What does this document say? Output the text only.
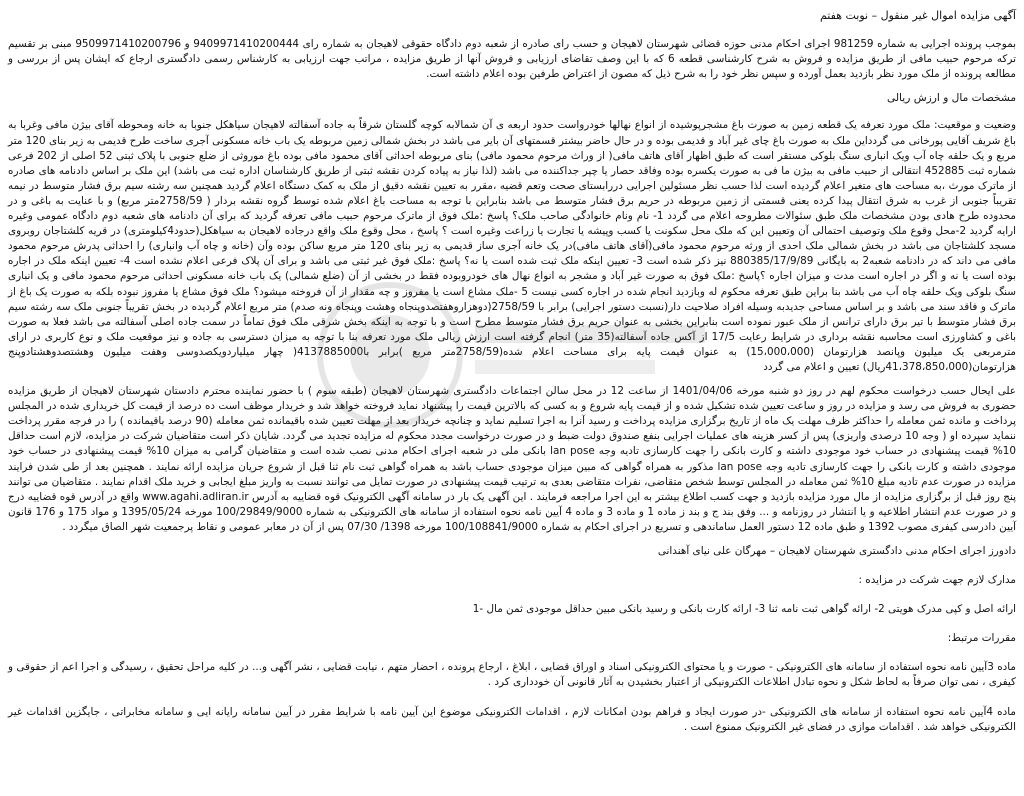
آگهی مزایده اموال غیر منقول – نوبت هفتم

بموجب پرونده اجرایی به شماره 981259 اجرای احکام مدنی حوزه قضائی شهرستان لاهیجان و حسب رای صادره از شعبه دوم دادگاه حقوقی لاهیجان به شماره رای 9409971410200444 و 9509971410200796 مبنی بر تقسیم ترکه مرحوم حبیب مافی از طریق مزایده و فروش به شرح کارشناسی قطعه 6 که با این وصف تقاضای ارزیابی و فروش آنها از طریق مزایده ، مراتب جهت ارزیابی به کارشناس رسمی دادگستری ارجاع که ایشان پس از بررسی و مطالعه پرونده از ملک مورد نظر بازدید بعمل آورده و سپس نظر خود را به شرح ذیل که مصون از اعتراض طرفین بوده اعلام داشته است.

مشخصات مال و ارزش ریالی

وضعیت و موقعیت: ملک مورد تعرفه یک قطعه زمین به صورت باغ مشجرپوشیده از انواع نهالها خودرواست حدود اربعه ی آن شمالابه کوچه گلستان شرقاً به جاده آسفالته لاهیجان سیاهکل جنوبا به خانه ومحوطه آقای بیژن مافی وغربا به باغ شریف آقایی پورخانی می گردداین ملک به صورت باغ چای غیر آباد و قدیمی بوده و در حال حاضر بیشتر قسمتهای آن بایر می باشد در بخش شمالی زمین مربوطه یک باب خانه مسکونی آجری ساخت طرح قدیمی به زیر بنای 120 متر مربع و یک حلقه چاه آب ویک انباری سنگ بلوکی مستقر است که طبق اظهار آقای هاتف مافی( از وراث مرحوم محمود مافی) بنای مربوطه احداثی آقای محمود مافی بوده باغ موروثی از ضلع جنوبی با پلاک ثبتی 52 اصلی از 202 فرعی شماره ثبت 452885 انتقالی از حبیب مافی به بیژن ما فی به صورت یکسره بوده وفاقد حصار یا چپر جداکننده می باشد (لذا نیاز به پیاده کردن نقشه ثبتی از طریق کارشناسان اداره ثبت می باشد) این ملک بر اساس دادنامه های صادره از ماترک مورث ،به مساحت های متغیر اعلام گردیده است لذا حسب نظر مسئولین اجرایی دررابستای صحت وتعم قضیه ،مقرر به تعیین نقشه دقیق از ملک به کمک دستگاه اعلام گردید همچنین سه رشته سیم برق فشار متوسط در نیمه تقریباً جنوبی از غرب به شرق انتقال پیدا کرده یعنی قسمتی از زمین مربوطه در حریم برق فشار متوسط می باشد بنابراین با توجه به مساحت باغ اعلام شده توسط گروه نقشه بردار ( 2758/59متر مربع) و با عنایت به باغی و در محدوده طرح هادی بودن مشخصات ملک طبق سئوالات مطروحه اعلام می گردد 1- نام ونام خانوادگی صاحب ملک؟ پاسخ :ملک فوق از ماترک مرحوم حبیب مافی تعرفه گردید که برای آن دادنامه های شعبه دوم دادگاه عمومی وغیره ارایه گردید 2-محل وقوع ملک وتوصیف احتمالی آن وتعیین این که ملک محل سکونت یا کسب وپیشه یا تجارت یا زراعت وغیره است ؟ پاسخ ، محل وقوع ملک واقع درجاده لاهیجان به سیاهکل(حدود4کیلومتری) در قریه کلشتاجان روبروی مسجد کلشتاجان می باشد در بخش شمالی ملک احدی از ورثه مرحوم محمود مافی(آقای هاتف مافی)در یک خانه آجری ساز قدیمی به زیر بنای 120 متر مربع ساکن بوده وآن (خانه و چاه آب وانباری) را احداثی پدرش مرحوم محمود مافی می داند که در دادنامه شعبه2 به بایگانی 880385/17/9/89 نیز ذکر شده است 3- تعیین اینکه ملک ثبت شده است یا نه؟ پاسخ :ملک فوق غیر ثبتی می باشد و برای آن پلاک فرعی اعلام نشده است 4- تعیین اینکه ملک در اجاره بوده است یا نه و اگر در اجاره است مدت و میزان اجاره ؟پاسخ :ملک فوق به صورت غیر آباد و مشجر به انواع نهال های خودروبوده فقط در بخشی از آن (ضلع شمالی) یک باب خانه مسکونی احداثی مرحوم محمود مافی و یک انباری سنگ بلوکی ویک حلقه چاه آب می باشد بنا براین طبق تعرفه محکوم له وبازدید انجام شده در اجاره کسی نیست 5 -ملک مشاع است یا مفروز و چه مقدار از آن فروخته میشود؟ ملک فوق مشاع یا مفروز نبوده بلکه به صورت یک باغ از ماترک و فاقد سند می باشد و بر اساس مساحی جدیدبه وسیله افراد صلاحیت دار(نسبت دستور اجرایی) برابر با 2758/59(دوهزاروهفتصدوپنجاه وهشت وپنجاه ونه صدم) متر مربع اعلام گردیده در بخش تقریباً جنوبی ملک سه رشته سیم برق فشار متوسط با تیر برق دارای ترانس از ملک عبور نموده است بنابراین بخشی به عنوان حریم برق فشار متوسط مطرح است و با توجه به اینکه بخش شرقی ملک فوق تماماً در سمت جاده اصلی آسفالته می باشد فعلا به صورت باغی و کشاورزی است محاسبه نقشه برداری در شرایط رعایت 17/5 از آکس جاده آسفالته(35 متر) انجام گرفته است ارزش ریالی ملک مورد تعرفه بنا با توجه به میزان دسترسی به جاده و نیز موقعیت ملک و نوع کاربری در ارای مترمربعی یک میلیون وپانصد هزارتومان (15،000،000) به عنوان قیمت پایه برای مساحت اعلام شده(2758/59متر مربع )برابر با4137885000( چهار میلیاردویکصدوسی وهفت میلیون وهشتصدوهشتادوپنج هزارتومان(41،378،850،000ریال) تعیین و اعلام می گردد

علی ایحال حسب درخواست محکوم لهم در روز دو شنبه مورخه 1401/04/06 از ساعت 12 در محل سالن اجتماعات دادگستری شهرستان لاهیجان (طبقه سوم ) با حضور نماینده محترم دادستان شهرستان لاهیجان از طریق مزایده حضوری به فروش می رسد و مزایده در روز و ساعت تعیین شده تشکیل شده و از قیمت پایه شروع و به کسی که بالاترین قیمت را پیشنهاد نماید فروخته خواهد شد و خریدار موظف است ده درصد از قیمت کل خریداری شده در المجلس پرداخت و مانده ثمن معامله را حداکثر ظرف مهلت یک ماه از تاریخ برگزاری مزایده پرداخت و رسید آنرا به اجرا تسلیم نماید و چنانچه خریدار بعد از مهلت تعیین شده باقیمانده ثمن معامله (90 درصد باقیمانده ) را در فرجه مقرر پرداخت ننماید سپرده او ( وجه 10 درصدی واریزی) پس از کسر هزینه های عملیات اجرایی بنفع صندوق دولت ضبط و در صورت درخواست مجدد محکوم له مزایده تجدید می گردد. شایان ذکر است متقاضیان شرکت در مزایده، لازم است حداقل 10% قیمت پیشنهادی در حساب خود موجودی داشته و کارت بانکی را جهت کارسازی تادیه وجه lan pose بانکی ملی در شعبه اجرای احکام مدنی نصب شده است و متقاضیان گرامی به میزان 10% قیمت پیشنهادی در حساب خود موجودی داشته و کارت بانکی را جهت کارسازی تادیه وجه lan pose مذکور به همراه گواهی که مبین میزان موجودی حساب باشد به همراه گواهی ثبت نام ثنا قبل از شروع جریان مزایده ارائه نمایند . همچنین بعد از طی شدن فرایند مزایده در صورت عدم تادیه مبلغ 10% ثمن معامله در المجلس توسط شخص متقاضی، نفرات متقاضی بعدی به ترتیب قیمت پیشنهادی در صورت تمایل می توانند نسبت به واریز مبلغ ایجابی و خرید ملک اقدام نمایند . متقاضیان می توانند پنج روز قبل از برگزاری مزایده از مال مورد مزایده بازدید و جهت کسب اطلاع بیشتر به این اجرا مراجعه فرمایند . این آگهی یک بار در سامانه آگهی الکترونیک قوه قضاییه به آدرس www.agahi.adliran.ir واقع در آدرس قوه قضاییه درج و در صورت عدم انتشار اطلاعیه و یا انتشار در روزنامه و ... وفق بند ج و بند ز ماده 1 و ماده 3 و ماده 4 آیین نامه نحوه استفاده از سامانه های الکترونیکی به شماره 100/29849/9000 مورخه 1395/05/24 و مواد 175 و 176 قانون آیین دادرسی کیفری مصوب 1392 و طبق ماده 12 دستور العمل ساماندهی و تسریع در اجرای احکام به شماره 100/108841/9000 مورخه 1398/ 07/30 پس از آن در معابر عمومی و نقاط پرجمعیت شهر الصاق میگردد .

دادورز اجرای احکام مدنی دادگستری شهرستان لاهیجان – مهرگان علی نیای آهندانی

مدارک لازم جهت شرکت در مزایده :

ارائه اصل و کپی مدرک هویتی 2- ارائه گواهی ثبت نامه ثنا 3- ارائه کارت بانکی و رسید بانکی مبین حداقل موجودی ثمن مال -1

مقررات مرتبط:

ماده 3آیین نامه نحوه استفاده از سامانه های الکترونیکی - صورت و یا محتوای الکترونیکی اسناد و اوراق قضایی ، ابلاغ ، ارجاع پرونده ، احضار متهم ، نیابت قضایی ، نشر آگهی و... در کلیه مراحل تحقیق ، رسیدگی و اجرا اعم از حقوقی و کیفری ، نمی توان صرفاً به لحاظ شکل و نحوه تبادل اطلاعات الکترونیکی از اعتبار بخشیدن به آثار قانونی آن خودداری کرد .

ماده 4آیین نامه نحوه استفاده از سامانه های الکترونیکی -در صورت ایجاد و فراهم بودن امکانات لازم ، اقدامات الکترونیکی موضوع این آیین نامه با شرایط مقرر در آیین سامانه رایانه ایی و سامانه مخابراتی ، جایگزین اقدامات غیر الکترونیکی خواهد شد . اقدامات موازی در فضای غیر الکترونیک ممنوع است .
